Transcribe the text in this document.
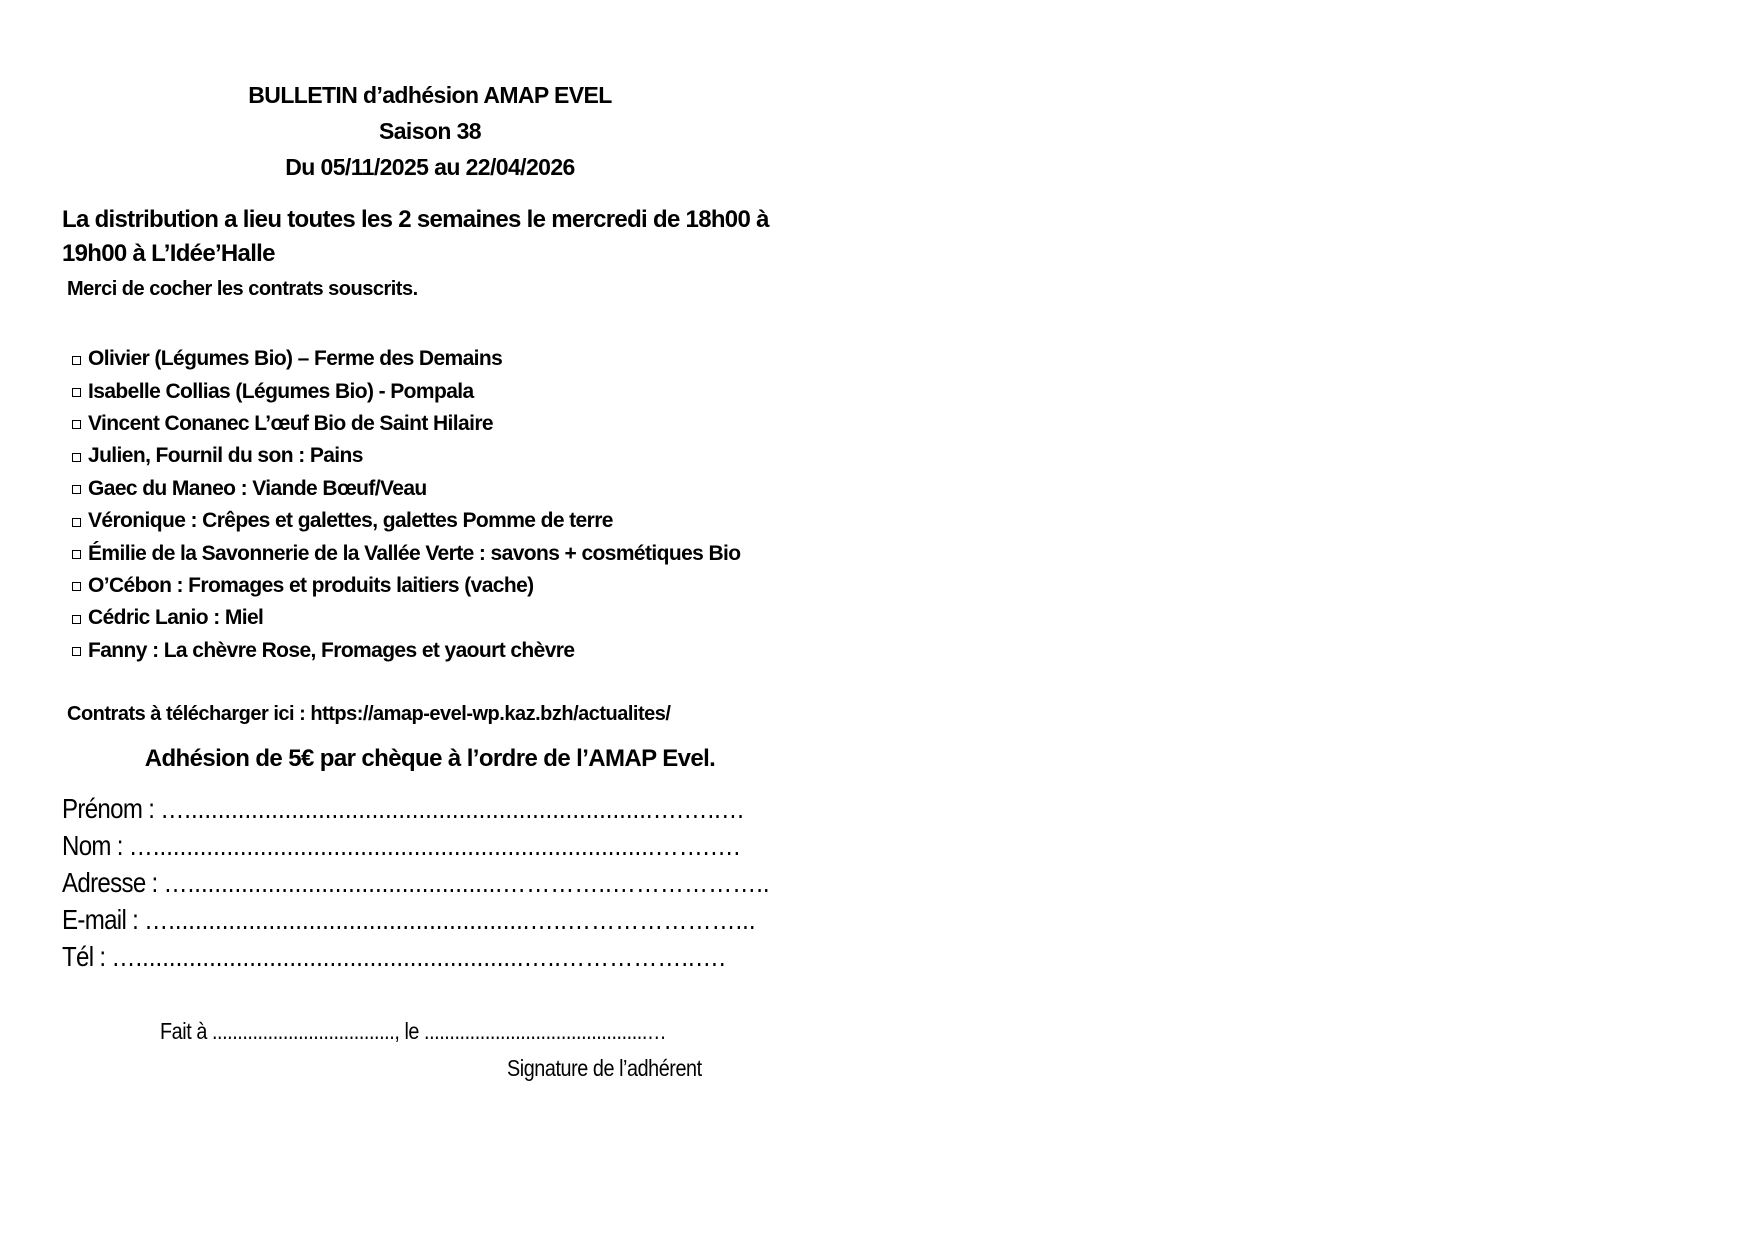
BULLETIN d’adhésion AMAP EVEL
Saison 38
Du 05/11/2025 au 22/04/2026
La distribution a lieu toutes les 2 semaines le mercredi de 18h00 à
19h00 à L’Idée’Halle
Merci de cocher les contrats souscrits.
Olivier (Légumes Bio) – Ferme des Demains
Isabelle Collias (Légumes Bio) - Pompala
Vincent Conanec L’œuf Bio de Saint Hilaire
Julien, Fournil du son : Pains
Gaec du Maneo : Viande Bœuf/Veau
Véronique : Crêpes et galettes, galettes Pomme de terre
Émilie de la Savonnerie de la Vallée Verte : savons + cosmétiques Bio
O’Cébon : Fromages et produits laitiers (vache)
Cédric Lanio : Miel
Fanny : La chèvre Rose, Fromages et yaourt chèvre
Contrats à télécharger ici : https://amap-evel-wp.kaz.bzh/actualites/
Adhésion de 5€ par chèque à l’ordre de l’AMAP Evel.
Prénom : …......................................................................….…..…
Nom : …...........................................................................…….….
Adresse : …...............................................…………..………………..
E-mail : …......................................................…..…………………...
Tél : …..........................................................…..……………..….
Fait à ...................................., le ............................................…
Signature de l’adhérent
